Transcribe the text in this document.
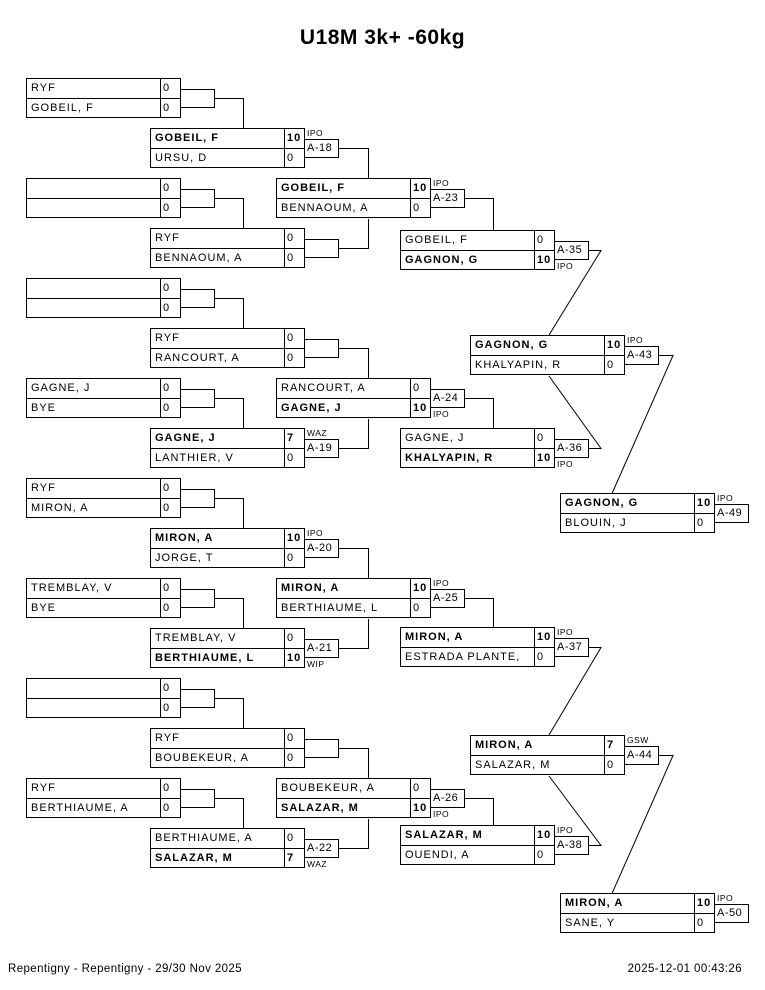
U18M 3k+ -60kg
RYF	0
GOBEIL, F	0
0
0
0
0
GAGNE, J	0
BYE	0
RYF	0
MIRON, A	0
TREMBLAY, V	0
BYE	0
0
0
RYF	0
BERTHIAUME, A	0
GOBEIL, F	10
URSU, D	0
A-18
IPO
RYF	0
BENNAOUM, A	0
RYF	0
RANCOURT, A	0
GAGNE, J	7
LANTHIER, V	0
A-19
WAZ
MIRON, A	10
JORGE, T	0
A-20
IPO
TREMBLAY, V	0
BERTHIAUME, L	10
A-21
WIP
RYF	0
BOUBEKEUR, A	0
BERTHIAUME, A	0
SALAZAR, M	7
A-22
WAZ
GOBEIL, F	10
BENNAOUM, A	0
A-23
IPO
RANCOURT, A	0
GAGNE, J	10
A-24
IPO
MIRON, A	10
BERTHIAUME, L	0
A-25
IPO
BOUBEKEUR, A	0
SALAZAR, M	10
A-26
IPO
GOBEIL, F	0
GAGNON, G	10
A-35
IPO
GAGNE, J	0
KHALYAPIN, R	10
A-36
IPO
MIRON, A	10
ESTRADA PLANTE,	0
A-37
IPO
SALAZAR, M	10
OUENDI, A	0
A-38
IPO
GAGNON, G	10
KHALYAPIN, R	0
A-43
IPO
MIRON, A	7
SALAZAR, M	0
A-44
GSW
GAGNON, G	10
BLOUIN, J	0
A-49
IPO
MIRON, A	10
SANE, Y	0
A-50
IPO
Repentigny - Repentigny - 29/30 Nov 2025	2025-12-01 00:43:26
